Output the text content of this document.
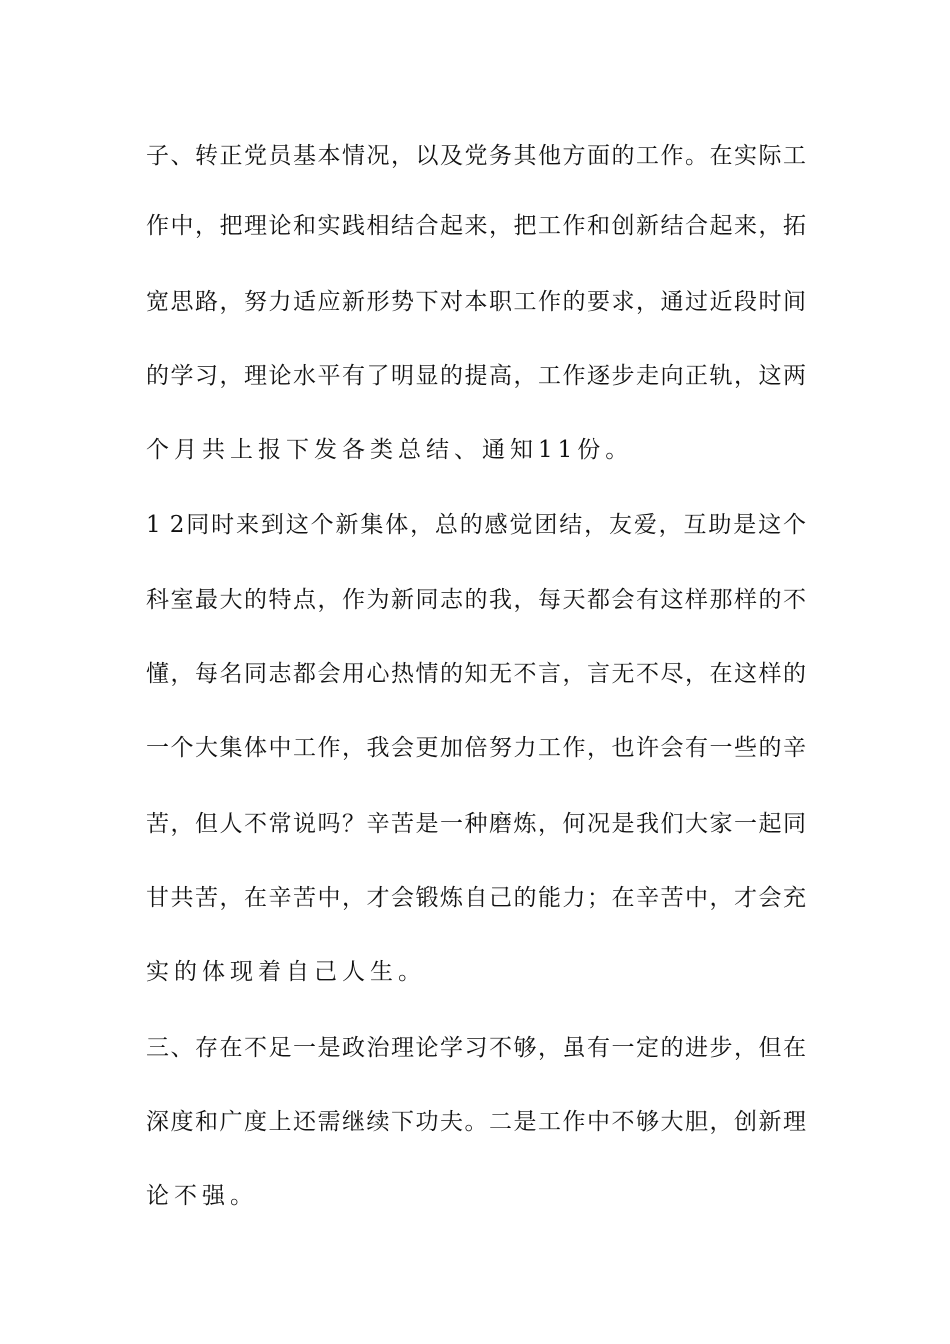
子、转正党员基本情况，以及党务其他方面的工作。在实际工
作中，把理论和实践相结合起来，把工作和创新结合起来，拓
宽思路，努力适应新形势下对本职工作的要求，通过近段时间
的学习，理论水平有了明显的提高，工作逐步走向正轨，这两
个月共上报下发各类总结、通知11份。
1 2同时来到这个新集体，总的感觉团结，友爱，互助是这个
科室最大的特点，作为新同志的我，每天都会有这样那样的不
懂，每名同志都会用心热情的知无不言，言无不尽，在这样的
一个大集体中工作，我会更加倍努力工作，也许会有一些的辛
苦，但人不常说吗？辛苦是一种磨炼，何况是我们大家一起同
甘共苦，在辛苦中，才会锻炼自己的能力；在辛苦中，才会充
实的体现着自己人生。
三、存在不足一是政治理论学习不够，虽有一定的进步，但在
深度和广度上还需继续下功夫。二是工作中不够大胆，创新理
论不强。
